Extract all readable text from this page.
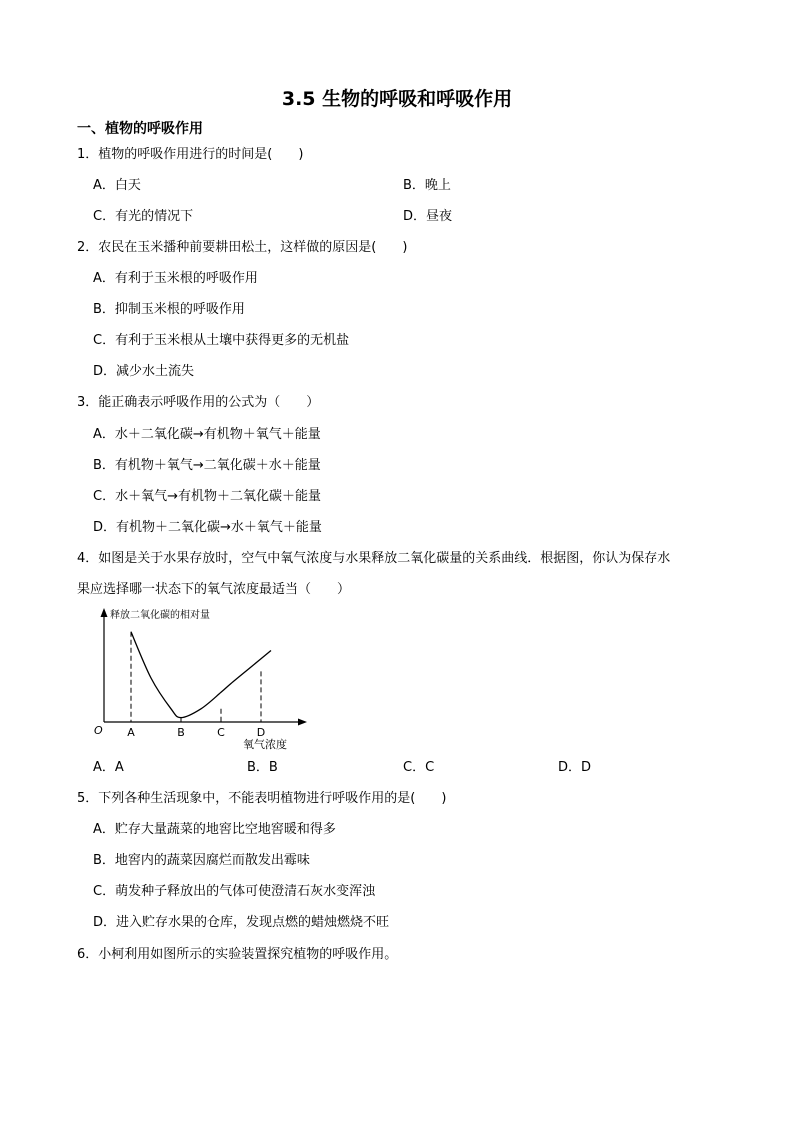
3.5 生物的呼吸和呼吸作用
一、植物的呼吸作用
1．植物的呼吸作用进行的时间是(　　)
A．白天	B．晚上
C．有光的情况下	D．昼夜
2．农民在玉米播种前要耕田松土，这样做的原因是(　　)
A．有利于玉米根的呼吸作用
B．抑制玉米根的呼吸作用
C．有利于玉米根从土壤中获得更多的无机盐
D．减少水土流失
3．能正确表示呼吸作用的公式为（　　）
A．水＋二氧化碳→有机物＋氧气＋能量
B．有机物＋氧气→二氧化碳＋水＋能量
C．水＋氧气→有机物＋二氧化碳＋能量
D．有机物＋二氧化碳→水＋氧气＋能量
4．如图是关于水果存放时，空气中氧气浓度与水果释放二氧化碳量的关系曲线．根据图，你认为保存水
果应选择哪一状态下的氧气浓度最适当（　　）
释放二氧化碳的相对量
氧气浓度
O A	B	C	D
A．A	B．B	C．C	D．D
5．下列各种生活现象中，不能表明植物进行呼吸作用的是(　　)
A．贮存大量蔬菜的地窖比空地窖暖和得多
B．地窖内的蔬菜因腐烂而散发出霉味
C．萌发种子释放出的气体可使澄清石灰水变浑浊
D．进入贮存水果的仓库，发现点燃的蜡烛燃烧不旺
6．小柯利用如图所示的实验装置探究植物的呼吸作用。
